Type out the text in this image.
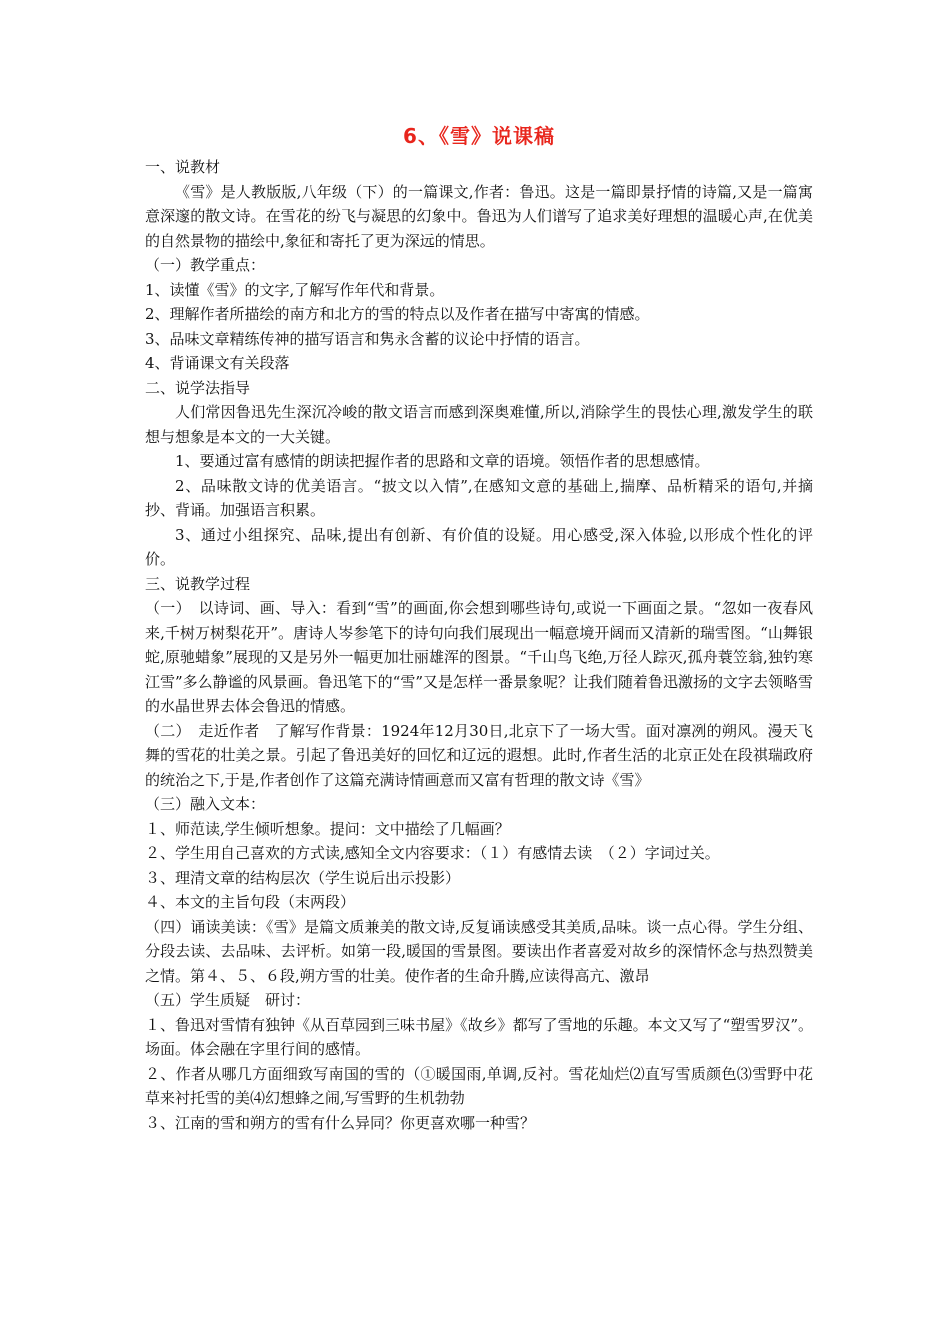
6、《雪》说课稿

一、说教材

《雪》是人教版版,八年级（下）的一篇课文,作者：鲁迅。这是一篇即景抒情的诗篇,又是一篇寓意深邃的散文诗。在雪花的纷飞与凝思的幻象中。鲁迅为人们谱写了追求美好理想的温暖心声,在优美的自然景物的描绘中,象征和寄托了更为深远的情思。

（一）教学重点：

1、读懂《雪》的文字,了解写作年代和背景。

2、理解作者所描绘的南方和北方的雪的特点以及作者在描写中寄寓的情感。

3、品味文章精练传神的描写语言和隽永含蓄的议论中抒情的语言。

4、背诵课文有关段落

二、说学法指导

人们常因鲁迅先生深沉冷峻的散文语言而感到深奥难懂,所以,消除学生的畏怯心理,激发学生的联想与想象是本文的一大关键。

1、要通过富有感情的朗读把握作者的思路和文章的语境。领悟作者的思想感情。

2、品味散文诗的优美语言。“披文以入情”,在感知文意的基础上,揣摩、品析精采的语句,并摘抄、背诵。加强语言积累。

3、通过小组探究、品味,提出有创新、有价值的设疑。用心感受,深入体验,以形成个性化的评价。

三、说教学过程

（一）　以诗词、画、导入：看到“雪”的画面,你会想到哪些诗句,或说一下画面之景。“忽如一夜春风来,千树万树梨花开”。唐诗人岑参笔下的诗句向我们展现出一幅意境开阔而又清新的瑞雪图。“山舞银蛇,原驰蜡象”展现的又是另外一幅更加壮丽雄浑的图景。“千山鸟飞绝,万径人踪灭,孤舟蓑笠翁,独钓寒江雪”多么静谧的风景画。鲁迅笔下的“雪”又是怎样一番景象呢？让我们随着鲁迅激扬的文字去领略雪的水晶世界去体会鲁迅的情感。

（二）　走近作者　了解写作背景：1924年12月30日,北京下了一场大雪。面对凛冽的朔风。漫天飞舞的雪花的壮美之景。引起了鲁迅美好的回忆和辽远的遐想。此时,作者生活的北京正处在段祺瑞政府的统治之下,于是,作者创作了这篇充满诗情画意而又富有哲理的散文诗《雪》

（三）融入文本：

１、师范读,学生倾听想象。提问：文中描绘了几幅画？

２、学生用自己喜欢的方式读,感知全文内容要求：（１）有感情去读　（２）字词过关。

３、理清文章的结构层次（学生说后出示投影）

４、本文的主旨句段（末两段）

（四）诵读美读：《雪》是篇文质兼美的散文诗,反复诵读感受其美质,品味。谈一点心得。学生分组、分段去读、去品味、去评析。如第一段,暖国的雪景图。要读出作者喜爱对故乡的深情怀念与热烈赞美之情。第４、５、６段,朔方雪的壮美。使作者的生命升腾,应读得高亢、激昂

（五）学生质疑　研讨：

１、鲁迅对雪情有独钟《从百草园到三味书屋》《故乡》都写了雪地的乐趣。本文又写了“塑雪罗汉”。场面。体会融在字里行间的感情。

２、作者从哪几方面细致写南国的雪的（①暖国雨,单调,反衬。雪花灿烂⑵直写雪质颜色⑶雪野中花草来衬托雪的美⑷幻想蜂之闹,写雪野的生机勃勃

３、江南的雪和朔方的雪有什么异同？你更喜欢哪一种雪？
